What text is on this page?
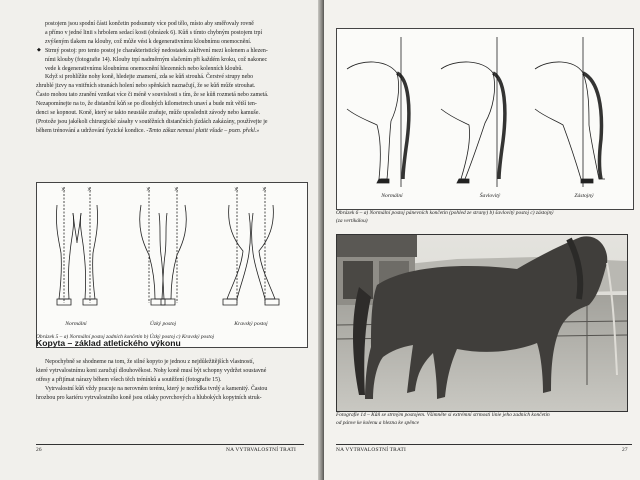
postojem jsou spodní části končetin podsunuty více pod tělo, místo aby směřovaly rovně
a přímo v jedné linii s hrbolem sedací kosti (obrázek 6). Kůň s tímto chybným postojem trpí
zvýšeným tlakem na klouby, což může vést k degenerativnímu kloubnímu onemocnění.

◆ Strmý postoj: pro tento postoj je charakteristický nedostatek zakřivení mezi kolenem a hlezen-
ními klouby (fotografie 14). Klouby trpí nadměrným slačením při každém kroku, což nakonec
vede k degenerativnímu kloubnímu onemocnění hlezenních nebo kolenních kloubů.

Když si prohlížíte nohy koně, hledejte znamení, zda se kůň strouhá. Čerstvé strupy nebo
zhrublé jizvy na vnitřních stranách holení nebo spěnkách naznačují, že se kůň může strouhat.
Často mohou tato zranění vznikat více či méně v souvislosti s tím, že se kůň rozmetá nebo zametá.
Nezapomínejte na to, že distanční kůň se po dlouhých kilometrech unaví a bude mít větší ten-
denci se kopnout. Koně, který se takto neustále zraňuje, může uposlednit závody nebo kamuše.
(Protože jsou jakékoli chirurgické zásahy v soutěžních distančních jízdách zakázány, používejte je
během trénování a udržování fyzické kondice. -Tento zákaz nemusí platit všude – pozn. překl.»

×	×	×	×	×	×
Normální	Úzký postoj	Kravský postoj
Obrázek 5 – a) Normální postoj zadních končetin b) Úzký postoj c) Kravský postoj
Kopyta – základ atletického výkonu

Nepochybně se shodneme na tom, že silné kopyto je jednou z nejdůležitějších vlastností,
které vytrvalostnímu koni zaručují dlouhověkost. Nohy koně musí být schopny vydržet soustavné
otřesy a přijímat nárazy během všech těch trénínků a soutěžení (fotografie 15).

Vytrvalostní kůň vždy pracuje na nerovném terénu, který je nezřídka tvrdý a kamenitý. Častou
hrozbou pro kariéru vytrvalostního koně jsou otlaky povrchových a hlubokých kopytních struk-

26	NA VYTRVALOSTNÍ TRATI
Normální	Šavlovitý	Zástojný
Obrázek 6 – a) Normální postoj pánevních končetin (pohled ze strany) b) šavlovitý postoj c) zástojný
(za vertikálou)
Fotografie 14 – Kůň se strmým postojem. Všimněte si extrémní strmosti linie jeho zadních končetin
od pánve ke kolenu a hlezna ke spěnce
NA VYTRVALOSTNÍ TRATI	27
